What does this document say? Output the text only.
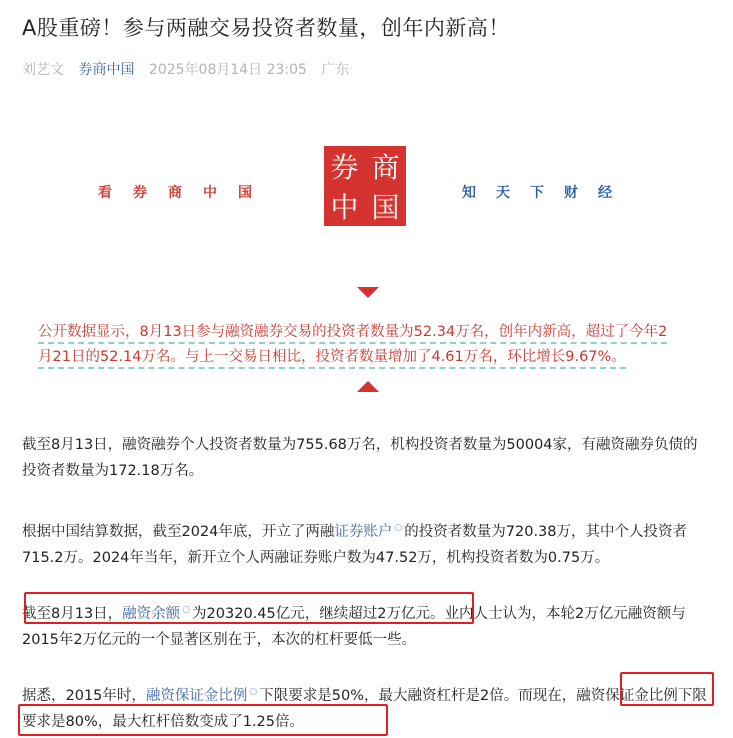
A股重磅！参与两融交易投资者数量，创年内新高！
刘艺文 券商中国 2025年08月14日 23:05 广东
看券商中国
券 商
中 国	知天下财经
公开数据显示，8月13日参与融资融券交易的投资者数量为52.34万名，创年内新高，超过了今年2
月21日的52.14万名。与上一交易日相比，投资者数量增加了4.61万名，环比增长9.67%。
截至8月13日，融资融券个人投资者数量为755.68万名，机构投资者数量为50004家，有融资融券负债的投资者数量为172.18万名。
根据中国结算数据，截至2024年底，开立了两融证券账户 ○ 的投资者数量为720.38万，其中个人投资者715.2万。2024年当年，新开立个人两融证券账户数为47.52万，机构投资者数为0.75万。
截至8月13日，融资余额 ○ 为20320.45亿元，继续超过2万亿元。业内人士认为，本轮2万亿元融资额与2015年2万亿元的一个显著区别在于，本次的杠杆要低一些。
据悉，2015年时，融资保证金比例 ○ 下限要求是50%，最大融资杠杆是2倍。而现在，融资保证金比例下限要求是80%，最大杠杆倍数变成了1.25倍。
